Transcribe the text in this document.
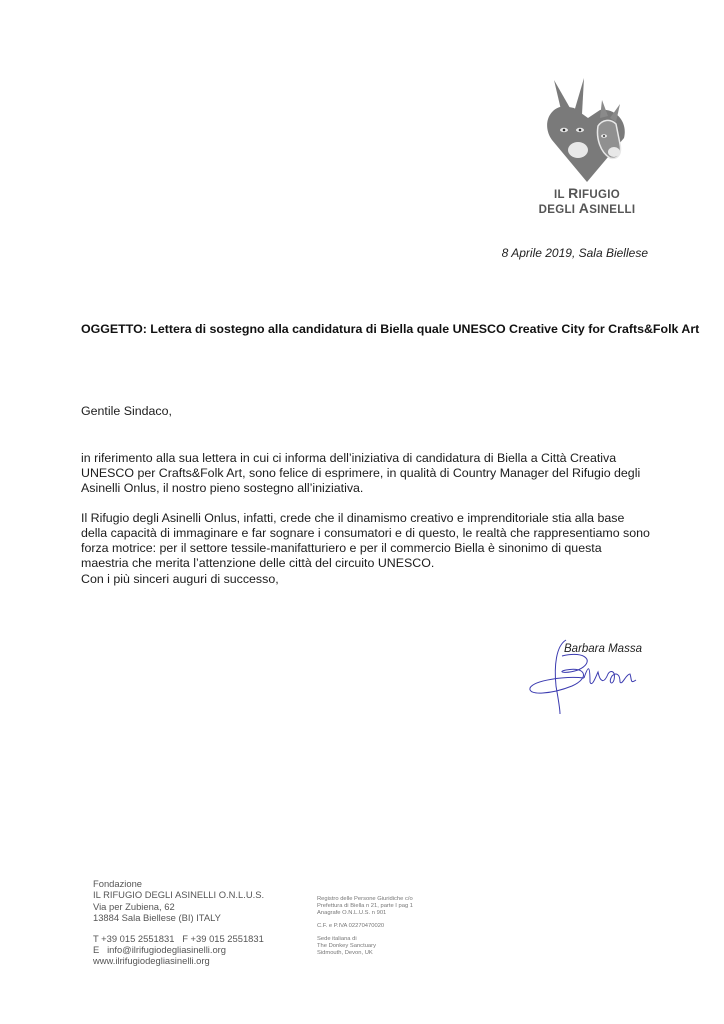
IL RIFUGIO
DEGLI ASINELLI
8 Aprile 2019, Sala Biellese
OGGETTO: Lettera di sostegno alla candidatura di Biella quale UNESCO Creative City for Crafts&Folk Art
Gentile Sindaco,

in riferimento alla sua lettera in cui ci informa dell’iniziativa di candidatura di Biella a Città Creativa UNESCO per Crafts&Folk Art, sono felice di esprimere, in qualità di Country Manager del Rifugio degli Asinelli Onlus, il nostro pieno sostegno all’iniziativa.

Il Rifugio degli Asinelli Onlus, infatti, crede che il dinamismo creativo e imprenditoriale stia alla base della capacità di immaginare e far sognare i consumatori e di questo, le realtà che rappresentiamo sono forza motrice: per il settore tessile-manifatturiero e per il commercio Biella è sinonimo di questa maestria che merita l’attenzione delle città del circuito UNESCO.

Con i più sinceri auguri di successo,
Barbara Massa
Fondazione
IL RIFUGIO DEGLI ASINELLI O.N.L.U.S.
Via per Zubiena, 62
13884 Sala Biellese (BI) ITALY
T +39 015 2551831   F +39 015 2551831
E   info@ilrifugiodegliasinelli.org
www.ilrifugiodegliasinelli.org
Registro delle Persone Giuridiche c/o
Prefettura di Biella n 21, parte I pag 1
Anagrafe O.N.L.U.S. n 901
C.F. e P.IVA 02270470020
Sede italiana di
The Donkey Sanctuary
Sidmouth, Devon, UK
